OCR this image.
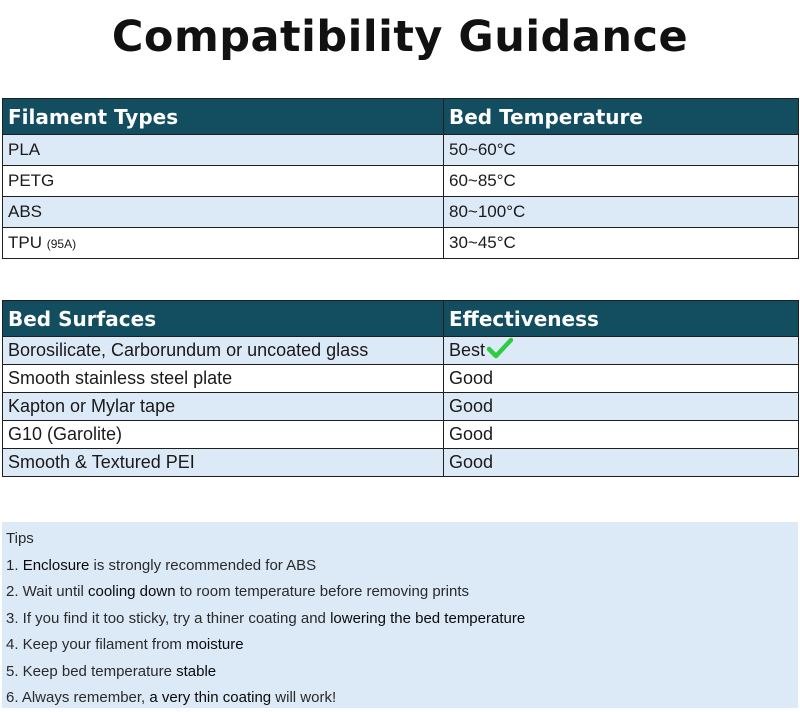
Compatibility Guidance
Filament Types	Bed Temperature
PLA	50~60°C
PETG	60~85°C
ABS	80~100°C
TPU (95A)	30~45°C
Bed Surfaces	Effectiveness
Borosilicate, Carborundum or uncoated glass	Best
Smooth stainless steel plate	Good
Kapton or Mylar tape	Good
G10 (Garolite)	Good
Smooth & Textured PEI	Good
Tips
1. Enclosure is strongly recommended for ABS
2. Wait until cooling down to room temperature before removing prints
3. If you find it too sticky, try a thiner coating and lowering the bed temperature
4. Keep your filament from moisture
5. Keep bed temperature stable
6. Always remember, a very thin coating will work!
